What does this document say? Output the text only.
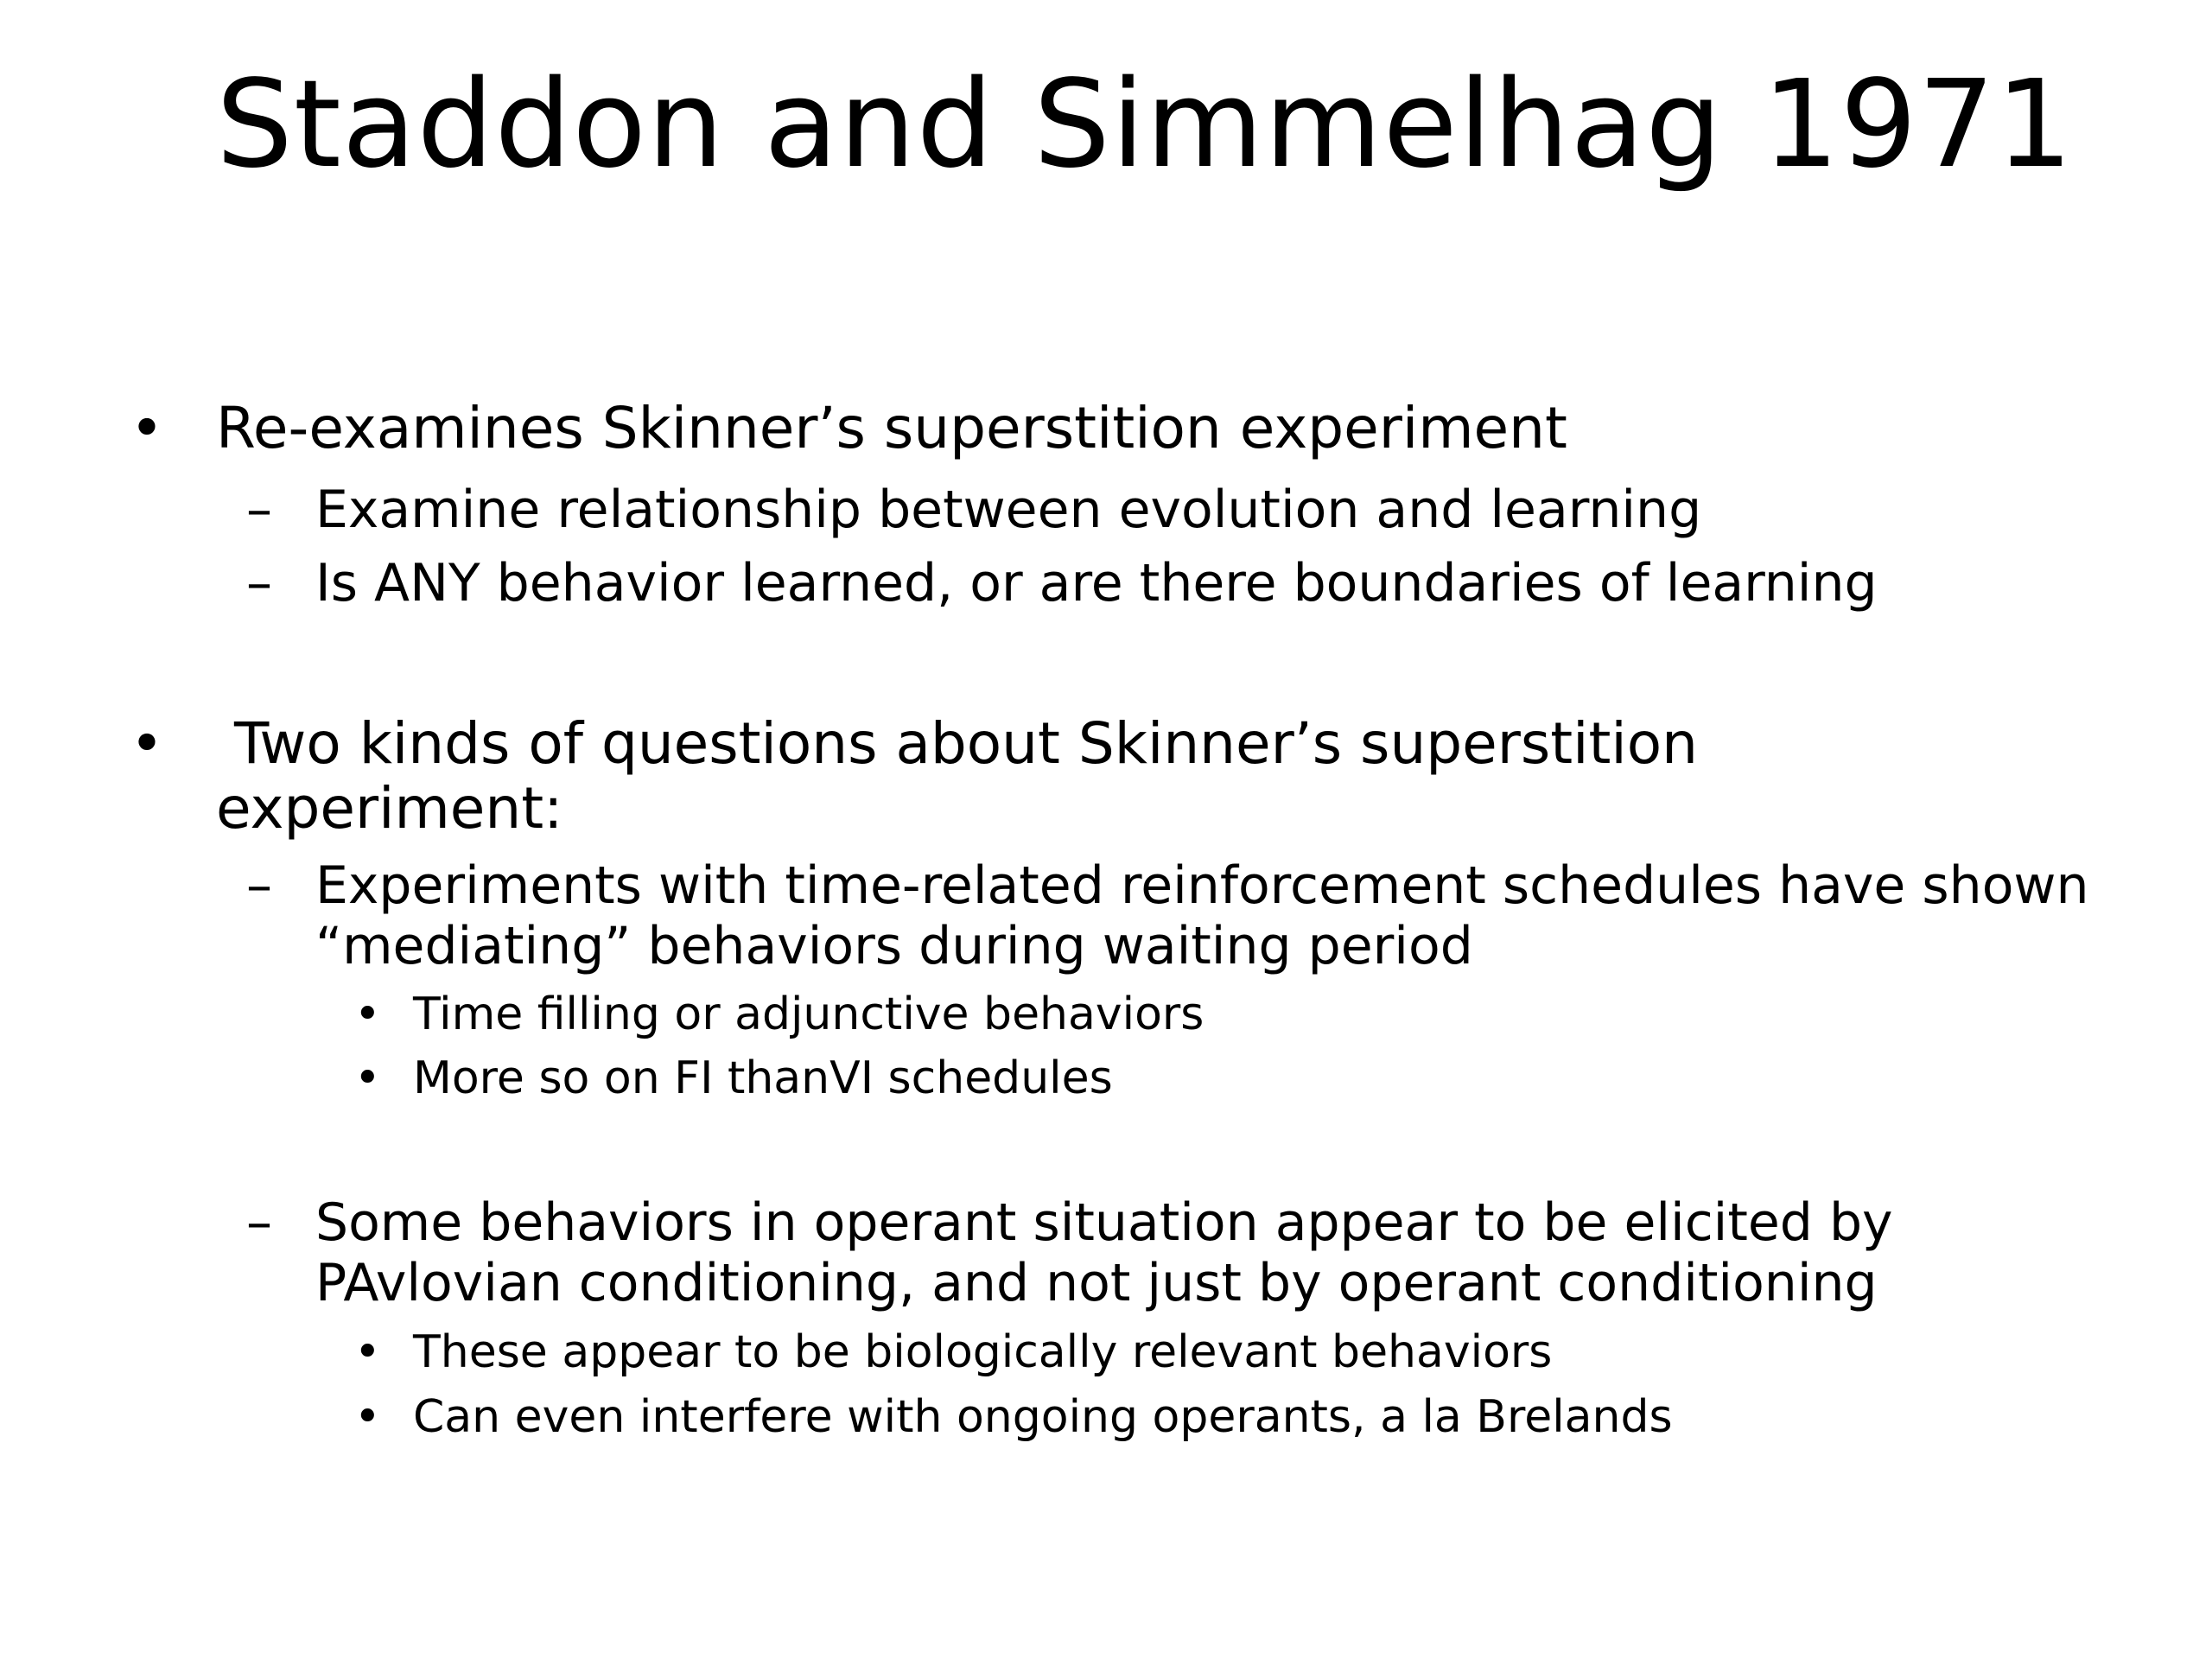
Staddon and Simmelhag 1971
• Re-examines Skinner’s superstition experiment
– Examine relationship between evolution and learning
– Is ANY behavior learned, or are there boundaries of learning
• Two kinds of questions about Skinner’s superstition
experiment:
– Experiments with time-related reinforcement schedules have shown
“mediating” behaviors during waiting period
• Time filling or adjunctive behaviors
• More so on FI thanVI schedules
– Some behaviors in operant situation appear to be elicited by
PAvlovian conditioning, and not just by operant conditioning
• These appear to be biologically relevant behaviors
• Can even interfere with ongoing operants, a la Brelands
